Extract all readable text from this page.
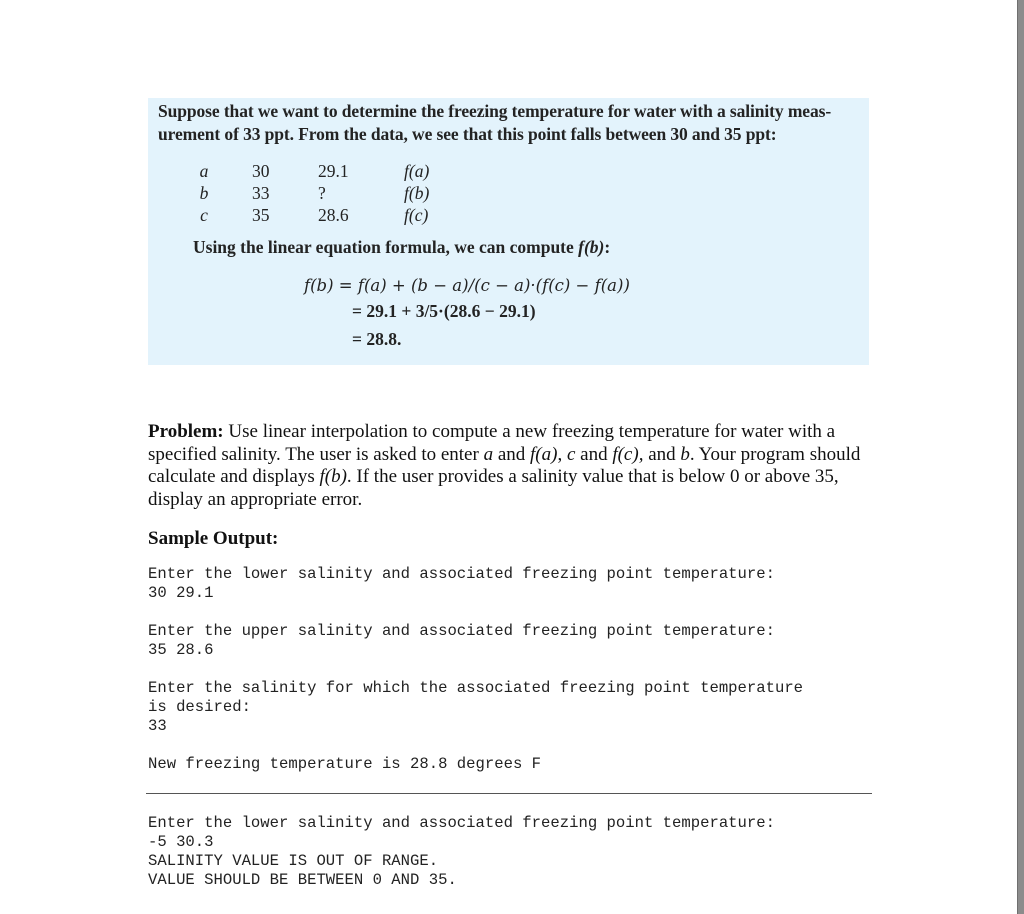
Suppose that we want to determine the freezing temperature for water with a salinity meas-
urement of 33 ppt. From the data, we see that this point falls between 30 and 35 ppt:
a	30	29.1	f(a)
b	33	?	f(b)
c	35	28.6	f(c)
Using the linear equation formula, we can compute f(b):
f(b) = f(a) + (b − a)/(c − a)·(f(c) − f(a))
= 29.1 + 3/5·(28.6 − 29.1)
= 28.8.
Problem: Use linear interpolation to compute a new freezing temperature for water with a specified salinity. The user is asked to enter a and f(a), c and f(c), and b. Your program should calculate and displays f(b). If the user provides a salinity value that is below 0 or above 35, display an appropriate error.
Sample Output:
Enter the lower salinity and associated freezing point temperature:
30 29.1
Enter the upper salinity and associated freezing point temperature:
35 28.6
Enter the salinity for which the associated freezing point temperature
is desired:
33
New freezing temperature is 28.8 degrees F
Enter the lower salinity and associated freezing point temperature:
-5 30.3
SALINITY VALUE IS OUT OF RANGE.
VALUE SHOULD BE BETWEEN 0 AND 35.
